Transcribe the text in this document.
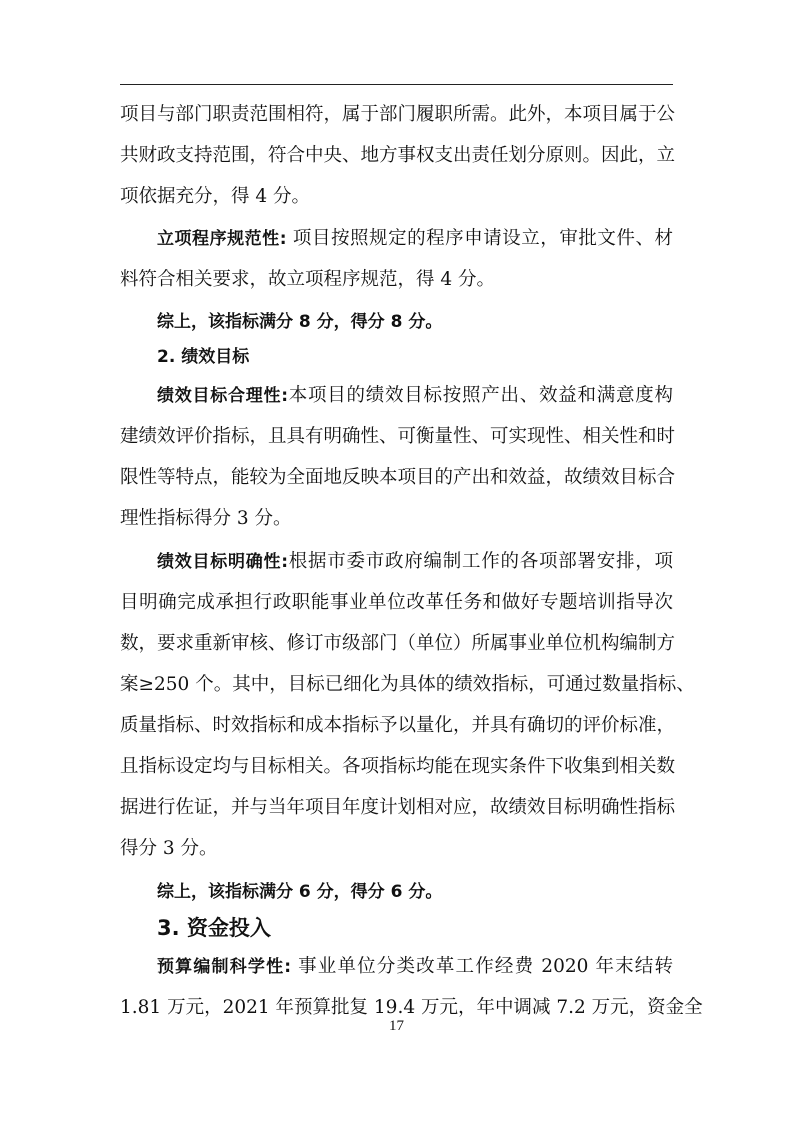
项目与部门职责范围相符，属于部门履职所需。此外，本项目属于公
共财政支持范围，符合中央、地方事权支出责任划分原则。因此，立
项依据充分，得 4 分。
立项程序规范性: 项目按照规定的程序申请设立，审批文件、材
料符合相关要求，故立项程序规范，得 4 分。
综上，该指标满分 8 分，得分 8 分。
2. 绩效目标
绩效目标合理性:本项目的绩效目标按照产出、效益和满意度构
建绩效评价指标，且具有明确性、可衡量性、可实现性、相关性和时
限性等特点，能较为全面地反映本项目的产出和效益，故绩效目标合
理性指标得分 3 分。
绩效目标明确性:根据市委市政府编制工作的各项部署安排，项
目明确完成承担行政职能事业单位改革任务和做好专题培训指导次
数，要求重新审核、修订市级部门（单位）所属事业单位机构编制方
案≥250 个。其中，目标已细化为具体的绩效指标，可通过数量指标、
质量指标、时效指标和成本指标予以量化，并具有确切的评价标准，
且指标设定均与目标相关。各项指标均能在现实条件下收集到相关数
据进行佐证，并与当年项目年度计划相对应，故绩效目标明确性指标
得分 3 分。
综上，该指标满分 6 分，得分 6 分。
3. 资金投入
预算编制科学性: 事业单位分类改革工作经费 2020 年末结转
1.81 万元，2021 年预算批复 19.4 万元，年中调减 7.2 万元，资金全
17
